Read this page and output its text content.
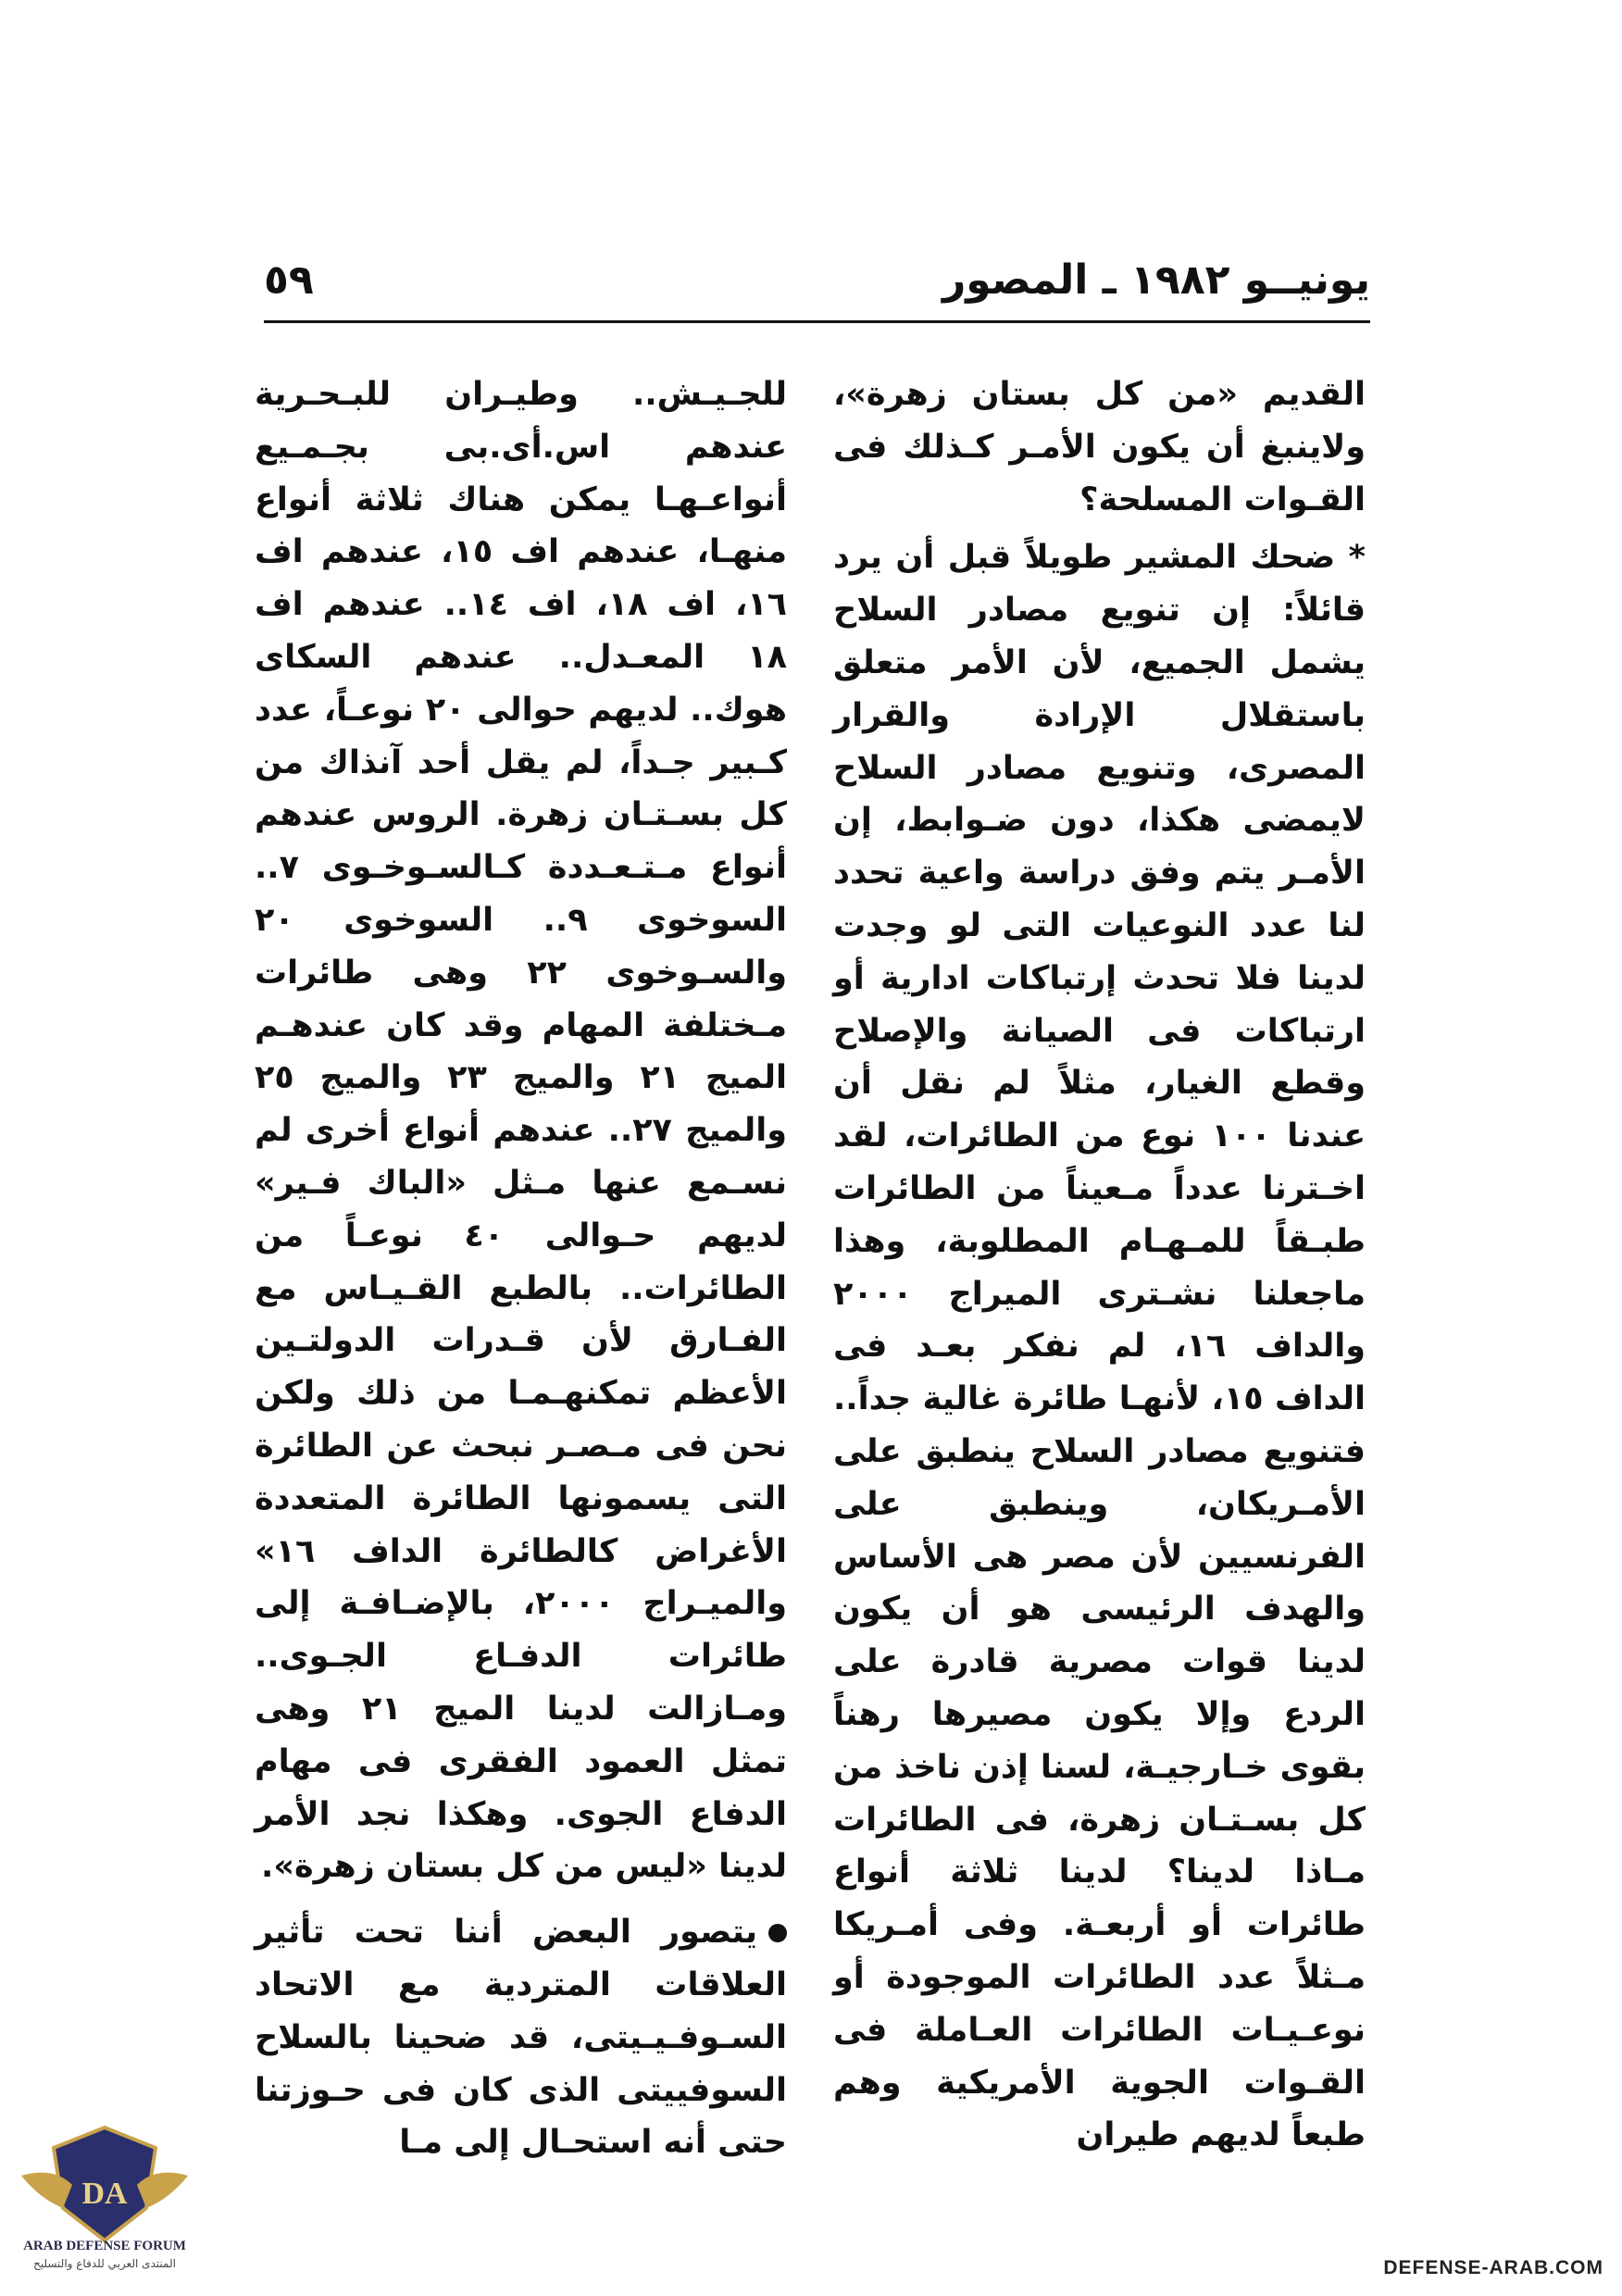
يونيــو ١٩٨٢ ـ المصور
٥٩

القديم «من كل بستان زهرة»، ولاينبغ أن يكون الأمـر كـذلك فى القـوات المسلحة؟

* ضحك المشير طويلاً قبل أن يرد قائلاً: إن تنويع مصادر السلاح يشمل الجميع، لأن الأمر متعلق باستقلال الإرادة والقرار المصرى، وتنويع مصادر السلاح لايمضى هكذا، دون ضـوابط، إن الأمـر يتم وفق دراسة واعية تحدد لنا عدد النوعيات التى لو وجدت لدينا فلا تحدث إرتباكات ادارية أو ارتباكات فى الصيانة والإصلاح وقطع الغيار، مثلاً لم نقل أن عندنا ١٠٠ نوع من الطائرات، لقد اخـترنا عدداً مـعيناً من الطائرات طبـقاً للمـهـام المطلوبة، وهذا ماجعلنا نشـترى الميراج ٢٠٠٠ والداف ١٦، لم نفكر بعـد فى الداف ١٥، لأنهـا طائرة غالية جداً.. فتنويع مصادر السلاح ينطبق على الأمـريكان، وينطبق على الفرنسيين لأن مصر هى الأساس والهدف الرئيسى هو أن يكون لدينا قوات مصرية قادرة على الردع وإلا يكون مصيرها رهناً بقوى خـارجيـة، لسنا إذن ناخذ من كل بسـتـان زهرة، فى الطائرات مـاذا لدينا؟ لدينا ثلاثة أنواع طائرات أو أربعـة. وفى أمـريكا مـثلاً عدد الطائرات الموجودة أو نوعـيـات الطائرات العـاملة فى القـوات الجوية الأمريكية وهم طبعاً لديهم طيران

للجـيـش.. وطيـران للبـحـرية عندهم اس.أى.بى بجـمـيع أنواعـهـا يمكن هناك ثلاثة أنواع منهـا، عندهم اف ١٥، عندهم اف ١٦، اف ١٨، اف ١٤.. عندهم اف ١٨ المعـدل.. عندهم السكاى هوك.. لديهم حوالى ٢٠ نوعـاً، عدد كـبير جـداً، لم يقل أحد آنذاك من كل بسـتـان زهرة. الروس عندهم أنواع مـتـعـددة كـالسـوخـوى ٧.. السوخوى ٩.. السوخوى ٢٠ والسـوخوى ٢٢ وهى طائرات مـختلفة المهام وقد كان عندهـم الميج ٢١ والميج ٢٣ والميج ٢٥ والميج ٢٧.. عندهم أنواع أخرى لم نسـمع عنها مـثل «الباك فـير» لديهم حـوالى ٤٠ نوعـاً من الطائرات.. بالطبع القـيـاس مع الفـارق لأن قـدرات الدولتـين الأعظم تمكنهـمـا من ذلك ولكن نحن فى مـصـر نبحث عن الطائرة التى يسمونها الطائرة المتعددة الأغراض كالطائرة الداف ١٦» والميـراج ٢٠٠٠، بالإضـافـة إلى طائرات الدفـاع الجـوى.. ومـازالت لدينا الميج ٢١ وهى تمثل العمود الفقرى فى مهام الدفاع الجوى. وهكذا نجد الأمر لدينا «ليس من كل بستان زهرة».

يتصور البعض أننا تحت تأثير العلاقات المتردية مع الاتحاد السـوفـيـيتى، قد ضحينا بالسلاح السوفييتى الذى كان فى حـوزتنا حتى أنه استحـال إلى مـا

DA
ARAB DEFENSE FORUM
المنتدى العربي للدفاع والتسليح	DEFENSE-ARAB.COM
